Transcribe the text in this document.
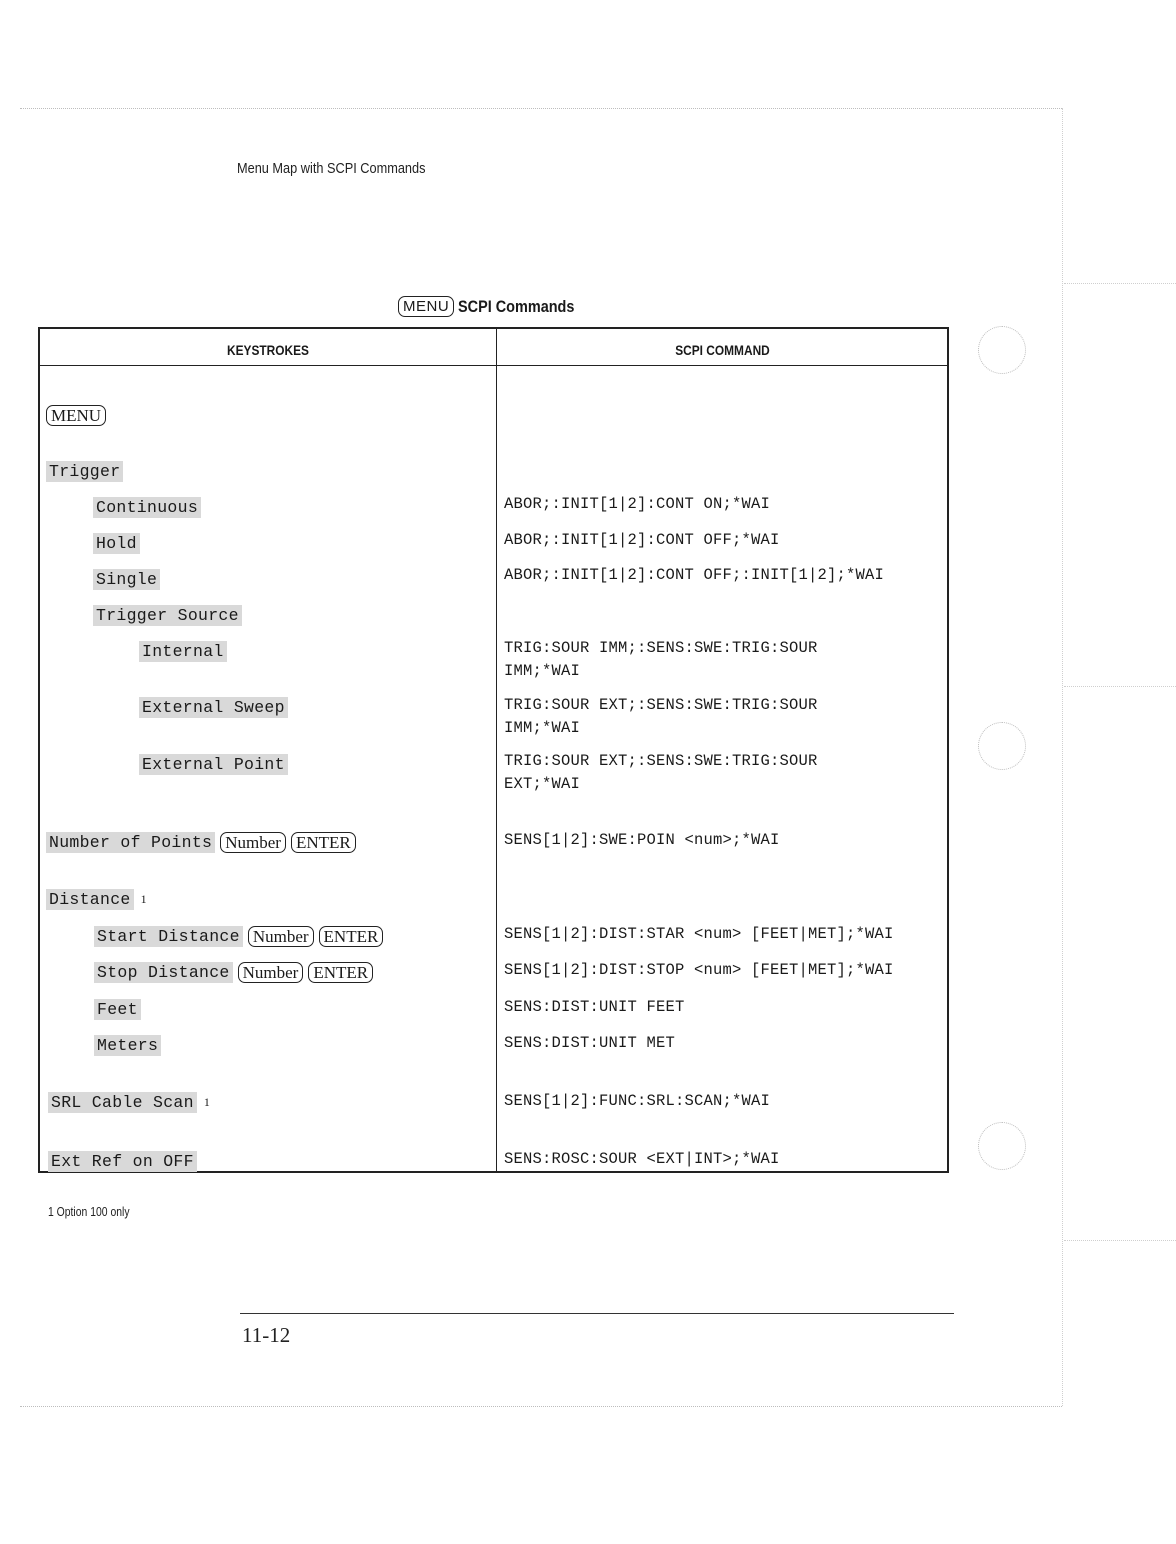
Menu Map with SCPI Commands
MENU SCPI Commands
KEYSTROKES	SCPI COMMAND
MENU
Trigger
Continuous
Hold
Single
Trigger Source
Internal
External Sweep
External Point
Number of Points Number ENTER
Distance 1
Start Distance Number ENTER
Stop Distance Number ENTER
Feet
Meters
SRL Cable Scan 1
Ext Ref on OFF
ABOR;:INIT[1|2]:CONT ON;*WAI
ABOR;:INIT[1|2]:CONT OFF;*WAI
ABOR;:INIT[1|2]:CONT OFF;:INIT[1|2];*WAI
TRIG:SOUR IMM;:SENS:SWE:TRIG:SOUR
IMM;*WAI
TRIG:SOUR EXT;:SENS:SWE:TRIG:SOUR
IMM;*WAI
TRIG:SOUR EXT;:SENS:SWE:TRIG:SOUR
EXT;*WAI
SENS[1|2]:SWE:POIN <num>;*WAI
SENS[1|2]:DIST:STAR <num> [FEET|MET];*WAI
SENS[1|2]:DIST:STOP <num> [FEET|MET];*WAI
SENS:DIST:UNIT FEET
SENS:DIST:UNIT MET
SENS[1|2]:FUNC:SRL:SCAN;*WAI
SENS:ROSC:SOUR <EXT|INT>;*WAI
1 Option 100 only
11-12
